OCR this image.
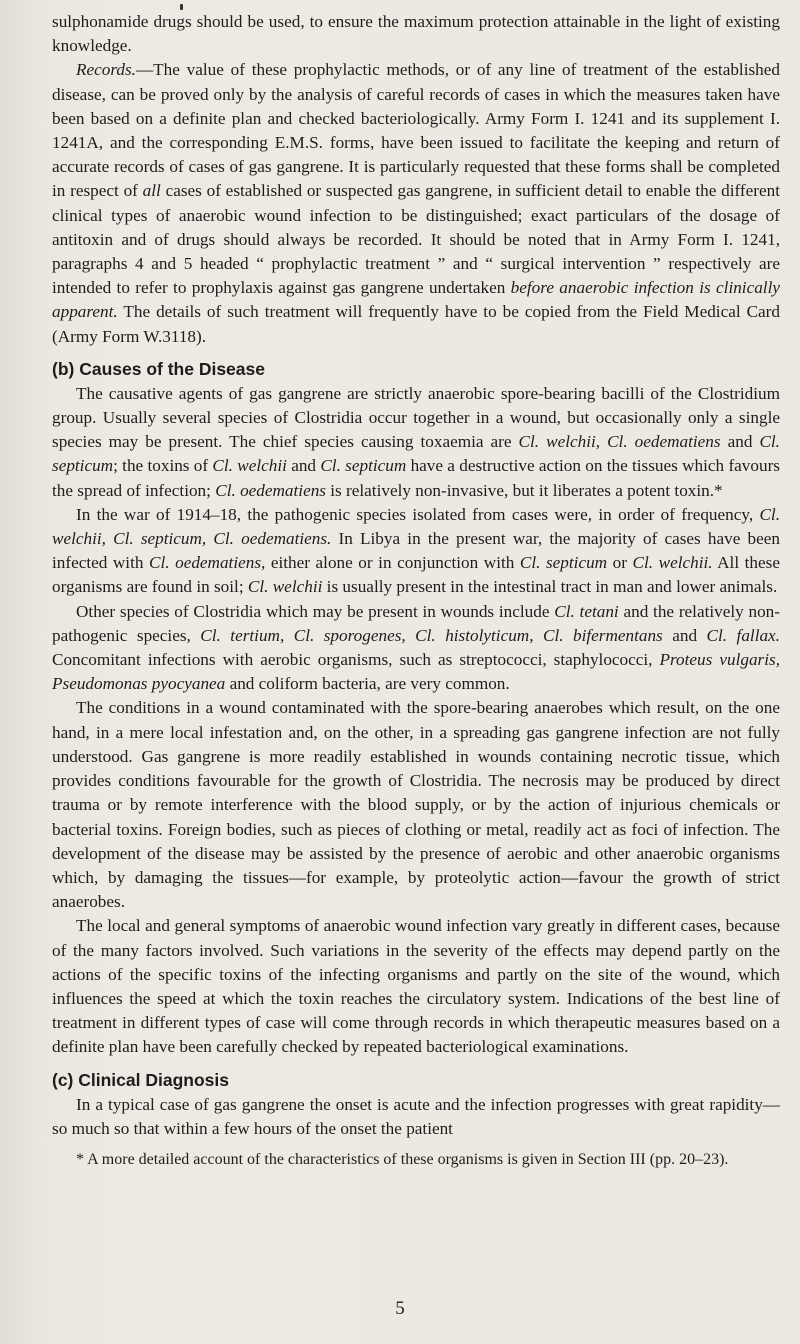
sulphonamide drugs should be used, to ensure the maximum protection attainable in the light of existing knowledge.

Records.—The value of these prophylactic methods, or of any line of treatment of the established disease, can be proved only by the analysis of careful records of cases in which the measures taken have been based on a definite plan and checked bacteriologically. Army Form I. 1241 and its supplement I. 1241A, and the corresponding E.M.S. forms, have been issued to facilitate the keeping and return of accurate records of cases of gas gangrene. It is particularly requested that these forms shall be completed in respect of all cases of established or suspected gas gangrene, in sufficient detail to enable the different clinical types of anaerobic wound infection to be distinguished; exact particulars of the dosage of antitoxin and of drugs should always be recorded. It should be noted that in Army Form I. 1241, paragraphs 4 and 5 headed “ prophylactic treatment ” and “ surgical intervention ” respectively are intended to refer to prophylaxis against gas gangrene undertaken before anaerobic infection is clinically apparent. The details of such treatment will frequently have to be copied from the Field Medical Card (Army Form W.3118).

(b) Causes of the Disease

The causative agents of gas gangrene are strictly anaerobic spore-bearing bacilli of the Clostridium group. Usually several species of Clostridia occur together in a wound, but occasionally only a single species may be present. The chief species causing toxaemia are Cl. welchii, Cl. oedematiens and Cl. septicum; the toxins of Cl. welchii and Cl. septicum have a destructive action on the tissues which favours the spread of infection; Cl. oedematiens is relatively non-invasive, but it liberates a potent toxin.*

In the war of 1914–18, the pathogenic species isolated from cases were, in order of frequency, Cl. welchii, Cl. septicum, Cl. oedematiens. In Libya in the present war, the majority of cases have been infected with Cl. oedematiens, either alone or in conjunction with Cl. septicum or Cl. welchii. All these organisms are found in soil; Cl. welchii is usually present in the intestinal tract in man and lower animals.

Other species of Clostridia which may be present in wounds include Cl. tetani and the relatively non-pathogenic species, Cl. tertium, Cl. sporogenes, Cl. histolyticum, Cl. bifermentans and Cl. fallax. Concomitant infections with aerobic organisms, such as streptococci, staphylococci, Proteus vulgaris, Pseudomonas pyocyanea and coliform bacteria, are very common.

The conditions in a wound contaminated with the spore-bearing anaerobes which result, on the one hand, in a mere local infestation and, on the other, in a spreading gas gangrene infection are not fully understood. Gas gangrene is more readily established in wounds containing necrotic tissue, which provides conditions favourable for the growth of Clostridia. The necrosis may be produced by direct trauma or by remote interference with the blood supply, or by the action of injurious chemicals or bacterial toxins. Foreign bodies, such as pieces of clothing or metal, readily act as foci of infection. The development of the disease may be assisted by the presence of aerobic and other anaerobic organisms which, by damaging the tissues—for example, by proteolytic action—favour the growth of strict anaerobes.

The local and general symptoms of anaerobic wound infection vary greatly in different cases, because of the many factors involved. Such variations in the severity of the effects may depend partly on the actions of the specific toxins of the infecting organisms and partly on the site of the wound, which influences the speed at which the toxin reaches the circulatory system. Indications of the best line of treatment in different types of case will come through records in which therapeutic measures based on a definite plan have been carefully checked by repeated bacteriological examinations.

(c) Clinical Diagnosis

In a typical case of gas gangrene the onset is acute and the infection progresses with great rapidity—so much so that within a few hours of the onset the patient

* A more detailed account of the characteristics of these organisms is given in Section III (pp. 20–23).

5
